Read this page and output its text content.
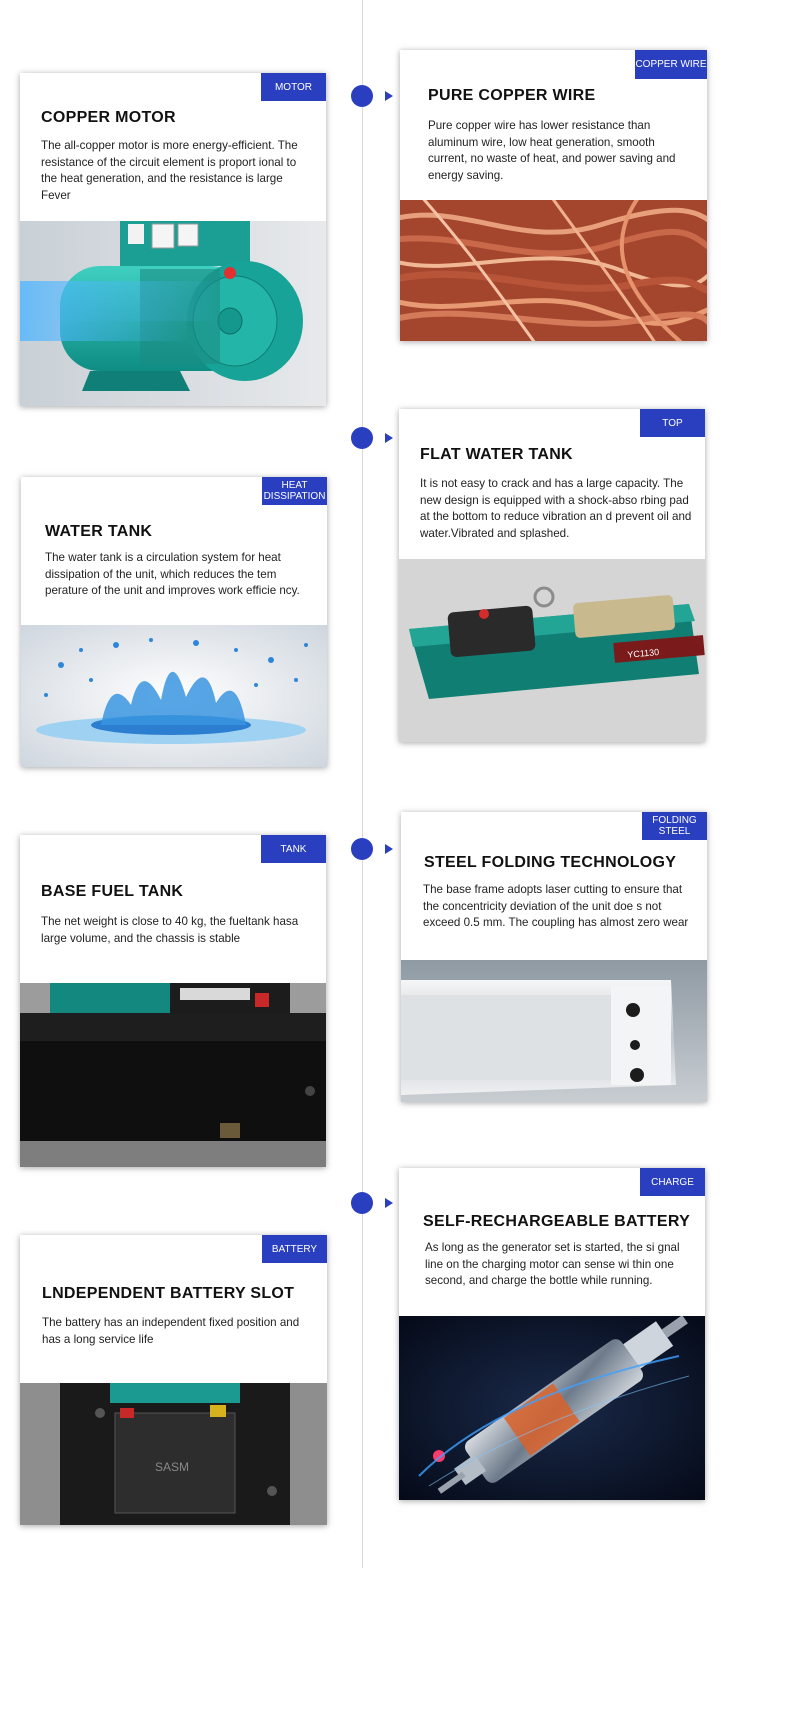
MOTOR
COPPER MOTOR
The all-copper motor is more energy-efficient. The resistance of the circuit element is proport ional to the heat generation, and the resistance is large Fever
COPPER WIRE
PURE COPPER WIRE
Pure copper wire has lower resistance than aluminum wire, low heat generation, smooth current, no waste of heat, and power saving and energy saving.
TOP
FLAT WATER TANK
It is not easy to crack and has a large capacity. The new design is equipped with a shock-abso rbing pad at the bottom to reduce vibration an d prevent oil and water.Vibrated and splashed.
YC1130
HEAT DISSIPATION
WATER TANK
The water tank is a circulation system for heat dissipation of the unit, which reduces the tem perature of the unit and improves work efficie ncy.
TANK
BASE FUEL TANK
The net weight is close to 40 kg, the fueltank hasa large volume, and the chassis is stable
FOLDING STEEL
STEEL FOLDING TECHNOLOGY
The base frame adopts laser cutting to ensure that the concentricity deviation of the unit doe s not exceed 0.5 mm. The coupling has almost zero wear
CHARGE
SELF-RECHARGEABLE BATTERY
As long as the generator set is started, the si gnal line on the charging motor can sense wi thin one second, and charge the bottle while running.
BATTERY
LNDEPENDENT BATTERY SLOT
The battery has an independent fixed position and has a long service life
SASM
